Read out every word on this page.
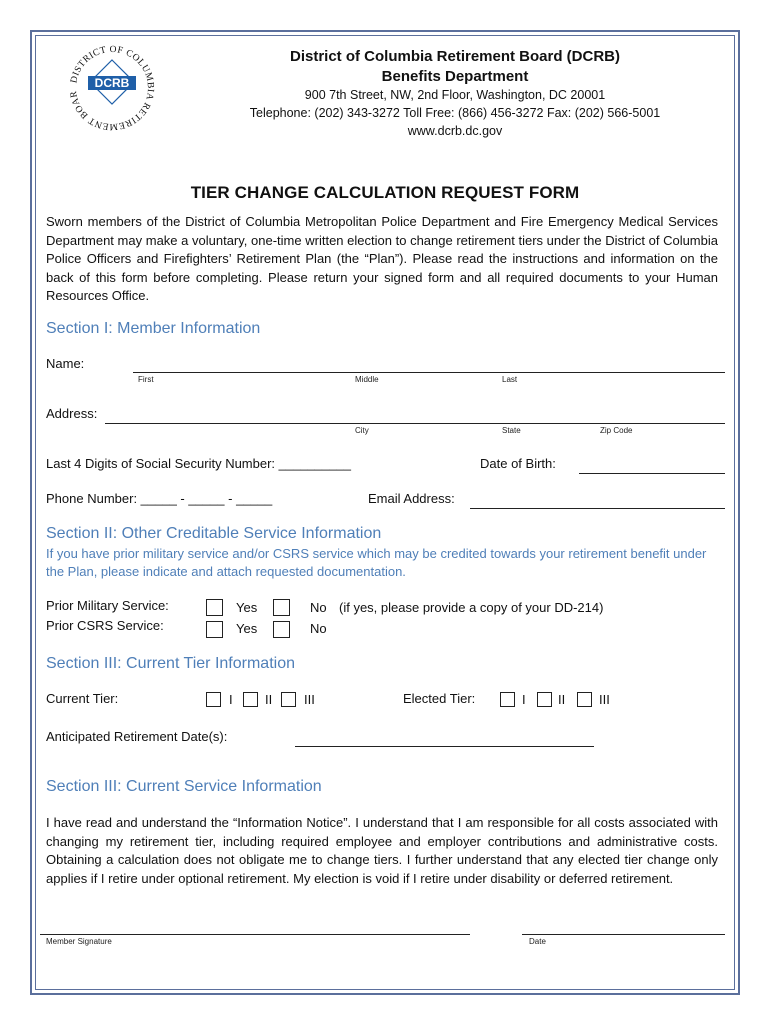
DISTRICT OF COLUMBIA RETIREMENT BOAR
DCRB
District of Columbia Retirement Board (DCRB)
Benefits Department
900 7th Street, NW, 2nd Floor, Washington, DC 20001
Telephone: (202) 343-3272 Toll Free: (866) 456-3272 Fax: (202) 566-5001
www.dcrb.dc.gov
TIER CHANGE CALCULATION REQUEST FORM
Sworn members of the District of Columbia Metropolitan Police Department and Fire Emergency Medical Services Department may make a voluntary, one-time written election to change retirement tiers under the District of Columbia Police Officers and Firefighters’ Retirement Plan (the “Plan”). Please read the instructions and information on the back of this form before completing. Please return your signed form and all required documents to your Human Resources Office.
Section I: Member Information
Name:
First	Middle	Last
Address:
City	State	Zip Code
Last 4 Digits of Social Security Number: __________	Date of Birth:
Phone Number: _____ - _____ - _____	Email Address:
Section II: Other Creditable Service Information
If you have prior military service and/or CSRS service which may be credited towards your retirement benefit under the Plan, please indicate and attach requested documentation.
Prior Military Service:	Yes	No (if yes, please provide a copy of your DD-214)
Prior CSRS Service:	Yes	No
Section III: Current Tier Information
Current Tier:	I II III	Elected Tier:	I II	III
Anticipated Retirement Date(s):
Section III: Current Service Information
I have read and understand the “Information Notice”. I understand that I am responsible for all costs associated with changing my retirement tier, including required employee and employer contributions and administrative costs. Obtaining a calculation does not obligate me to change tiers. I further understand that any elected tier change only applies if I retire under optional retirement. My election is void if I retire under disability or deferred retirement.
Member Signature	Date
